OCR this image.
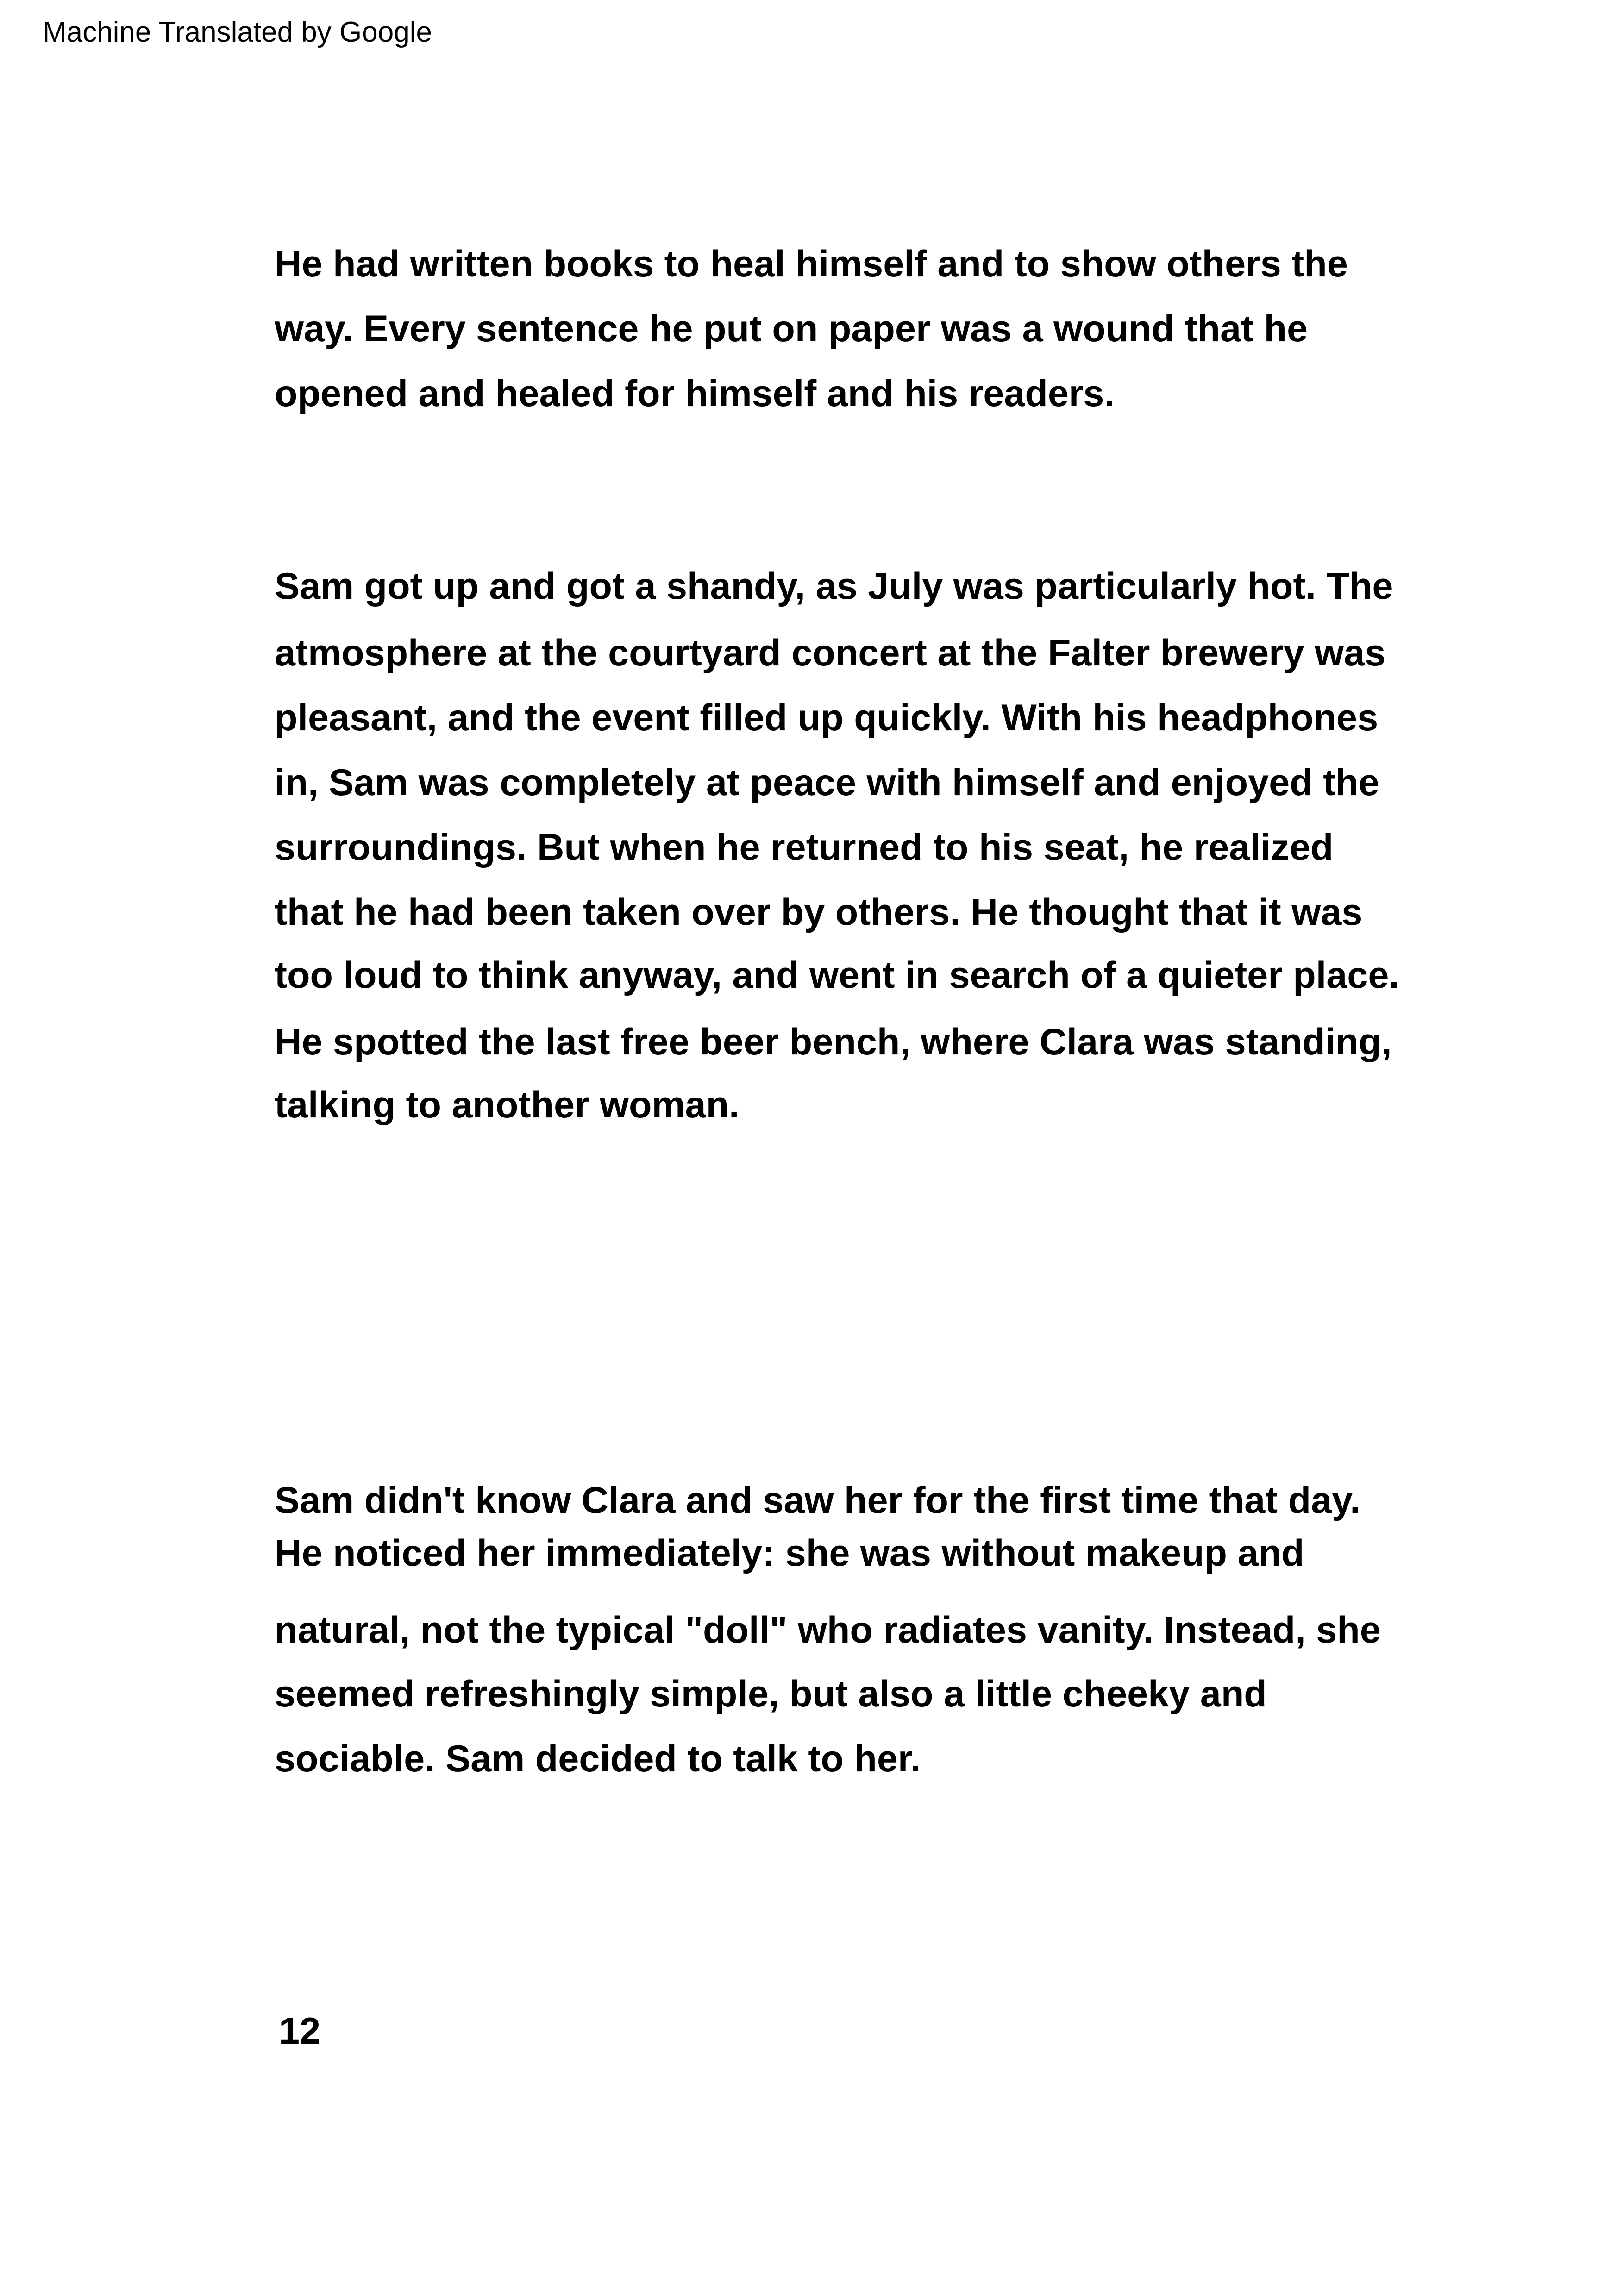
Machine Translated by Google
He had written books to heal himself and to show others the
way. Every sentence he put on paper was a wound that he
opened and healed for himself and his readers.
Sam got up and got a shandy, as July was particularly hot. The
atmosphere at the courtyard concert at the Falter brewery was
pleasant, and the event filled up quickly. With his headphones
in, Sam was completely at peace with himself and enjoyed the
surroundings. But when he returned to his seat, he realized
that he had been taken over by others. He thought that it was
too loud to think anyway, and went in search of a quieter place.
He spotted the last free beer bench, where Clara was standing,
talking to another woman.
Sam didn't know Clara and saw her for the first time that day.
He noticed her immediately: she was without makeup and
natural, not the typical "doll" who radiates vanity. Instead, she
seemed refreshingly simple, but also a little cheeky and
sociable. Sam decided to talk to her.
12
